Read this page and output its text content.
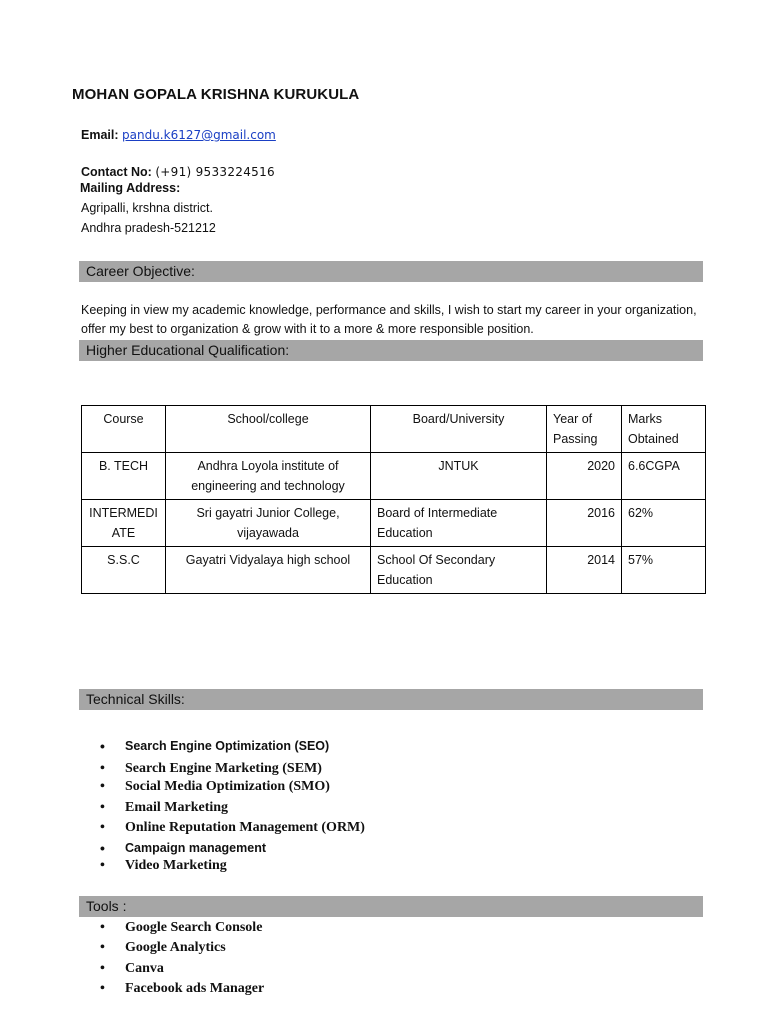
MOHAN GOPALA KRISHNA KURUKULA
Email: pandu.k6127@gmail.com
Contact No: (+91) 9533224516
Mailing Address:
Agripalli, krshna district.
Andhra pradesh-521212
Career Objective:
Keeping in view my academic knowledge, performance and skills, I wish to start my career in your organization, offer my best to organization & grow with it to a more & more responsible position.
Higher Educational Qualification:
Course	School/college	Board/University	Year of Passing	Marks Obtained
B. TECH	Andhra Loyola institute of engineering and technology	JNTUK	2020	6.6CGPA
INTERMEDIATE	Sri gayatri Junior College, vijayawada	Board of Intermediate Education	2016	62%
S.S.C	Gayatri Vidyalaya high school	School Of Secondary Education	2014	57%
Technical Skills:
• Search Engine Optimization (SEO)
• Search Engine Marketing (SEM)
• Social Media Optimization (SMO)
• Email Marketing
• Online Reputation Management (ORM)
• Campaign management
• Video Marketing
Tools :
• Google Search Console
• Google Analytics
• Canva
• Facebook ads Manager
